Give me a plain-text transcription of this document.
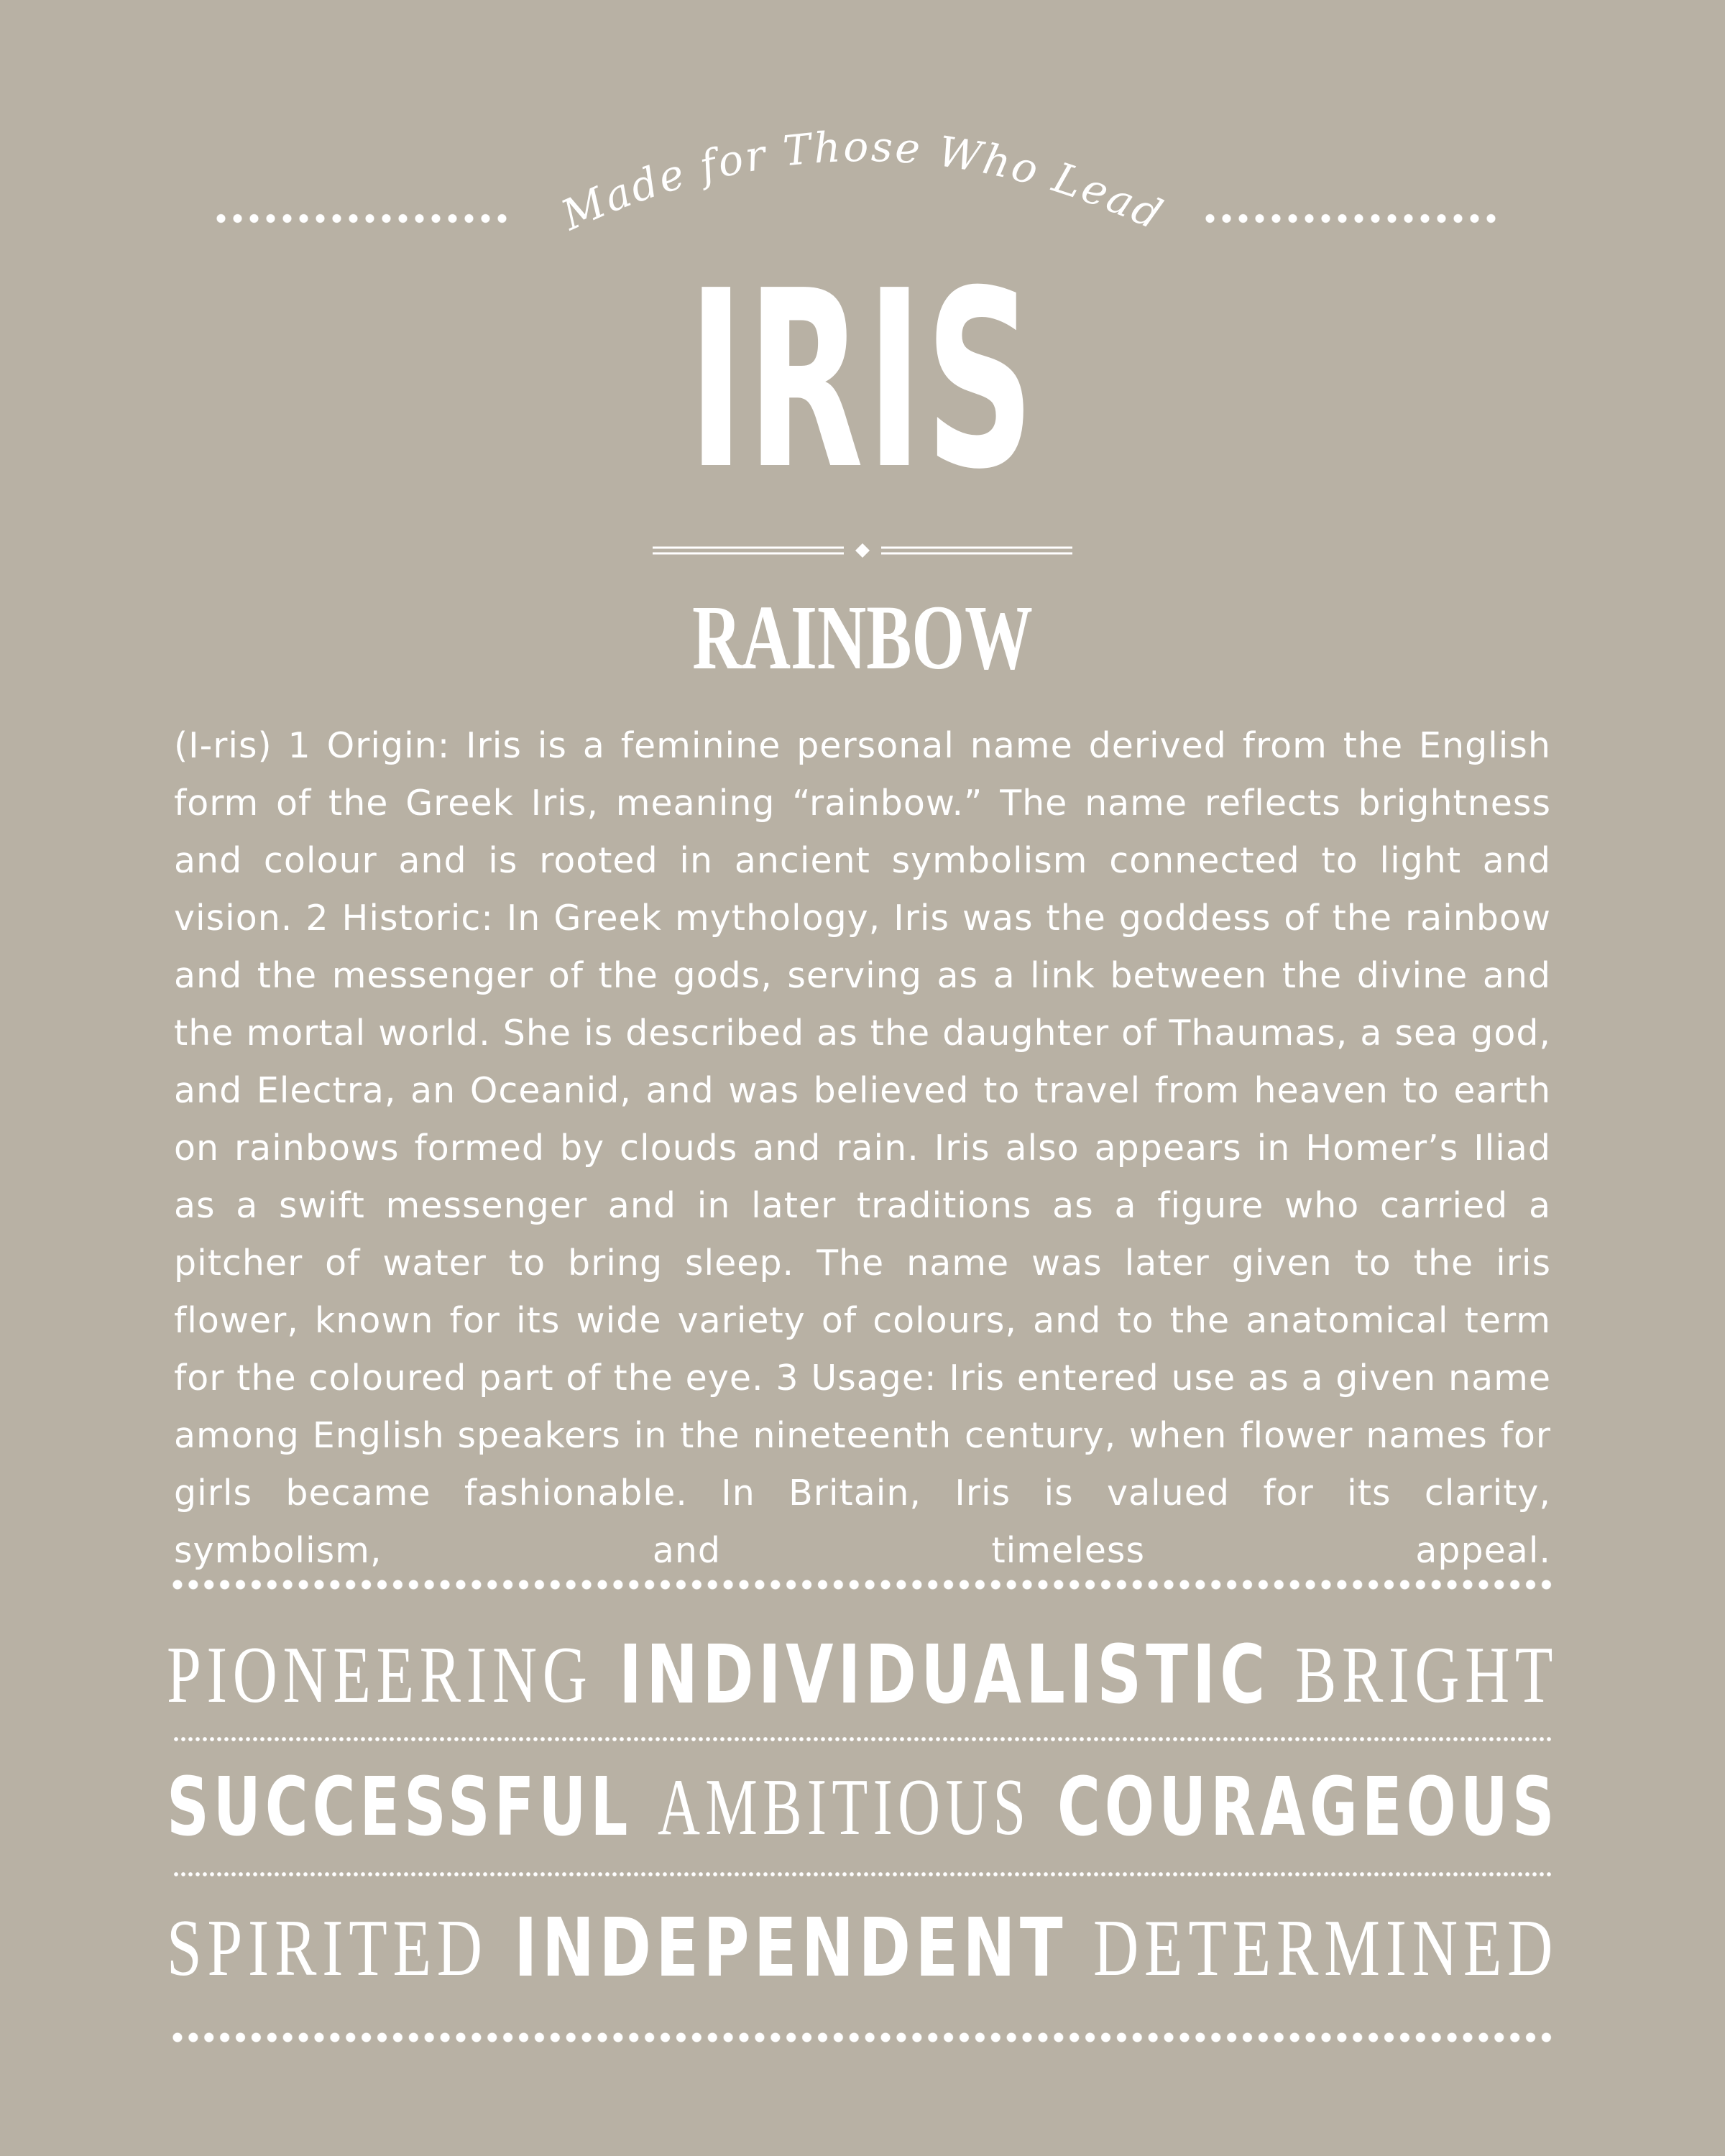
Made for Those Who Lead
IRIS
RAINBOW
(I-ris) 1 Origin: Iris is a feminine personal name derived from the English form of the Greek Iris, meaning “rainbow.” The name reflects brightness and colour and is rooted in ancient symbolism connected to light and vision. 2 Historic: In Greek mythology, Iris was the goddess of the rainbow and the messenger of the gods, serving as a link between the divine and the mortal world. She is described as the daughter of Thaumas, a sea god, and Electra, an Oceanid, and was believed to travel from heaven to earth on rainbows formed by clouds and rain. Iris also appears in Homer’s Iliad as a swift messenger and in later traditions as a figure who carried a pitcher of water to bring sleep. The name was later given to the iris flower, known for its wide variety of colours, and to the anatomical term for the coloured part of the eye. 3 Usage: Iris entered use as a given name among English speakers in the nineteenth century, when flower names for girls became fashionable. In Britain, Iris is valued for its clarity, symbolism, and timeless appeal.
PIONEERING INDIVIDUALISTIC BRIGHT
SUCCESSFUL AMBITIOUS COURAGEOUS
SPIRITED INDEPENDENT DETERMINED
